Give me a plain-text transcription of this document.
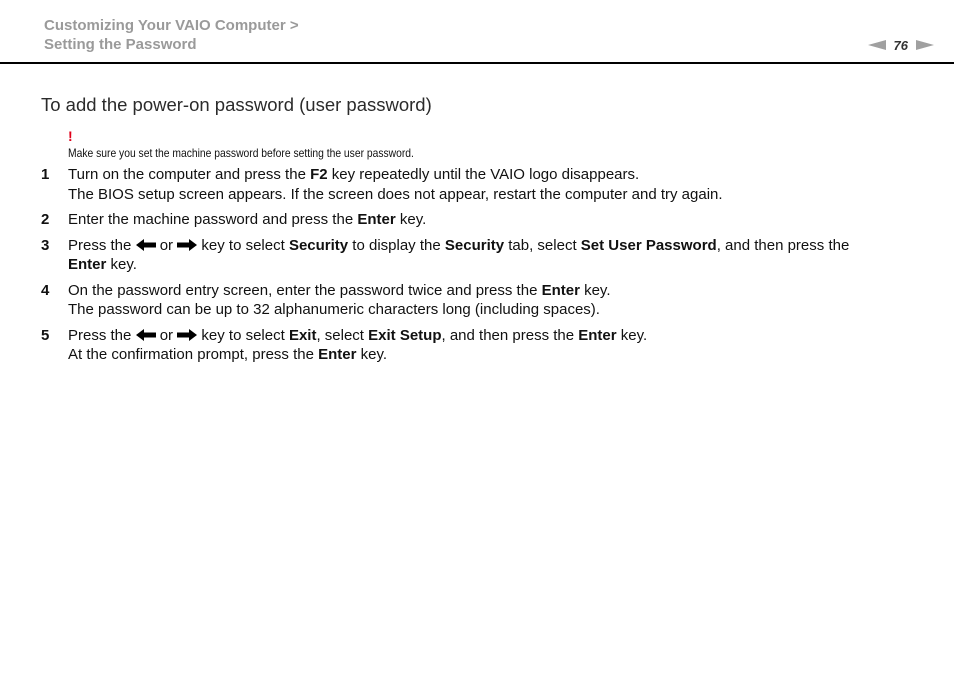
Customizing Your VAIO Computer >
Setting the Password	76
To add the power-on password (user password)
!
Make sure you set the machine password before setting the user password.
1 Turn on the computer and press the F2 key repeatedly until the VAIO logo disappears.
The BIOS setup screen appears. If the screen does not appear, restart the computer and try again.
2 Enter the machine password and press the Enter key.
3 Press the  or  key to select Security to display the Security tab, select Set User Password, and then press the
Enter key.
4 On the password entry screen, enter the password twice and press the Enter key.
The password can be up to 32 alphanumeric characters long (including spaces).
5 Press the  or  key to select Exit, select Exit Setup, and then press the Enter key.
At the confirmation prompt, press the Enter key.
